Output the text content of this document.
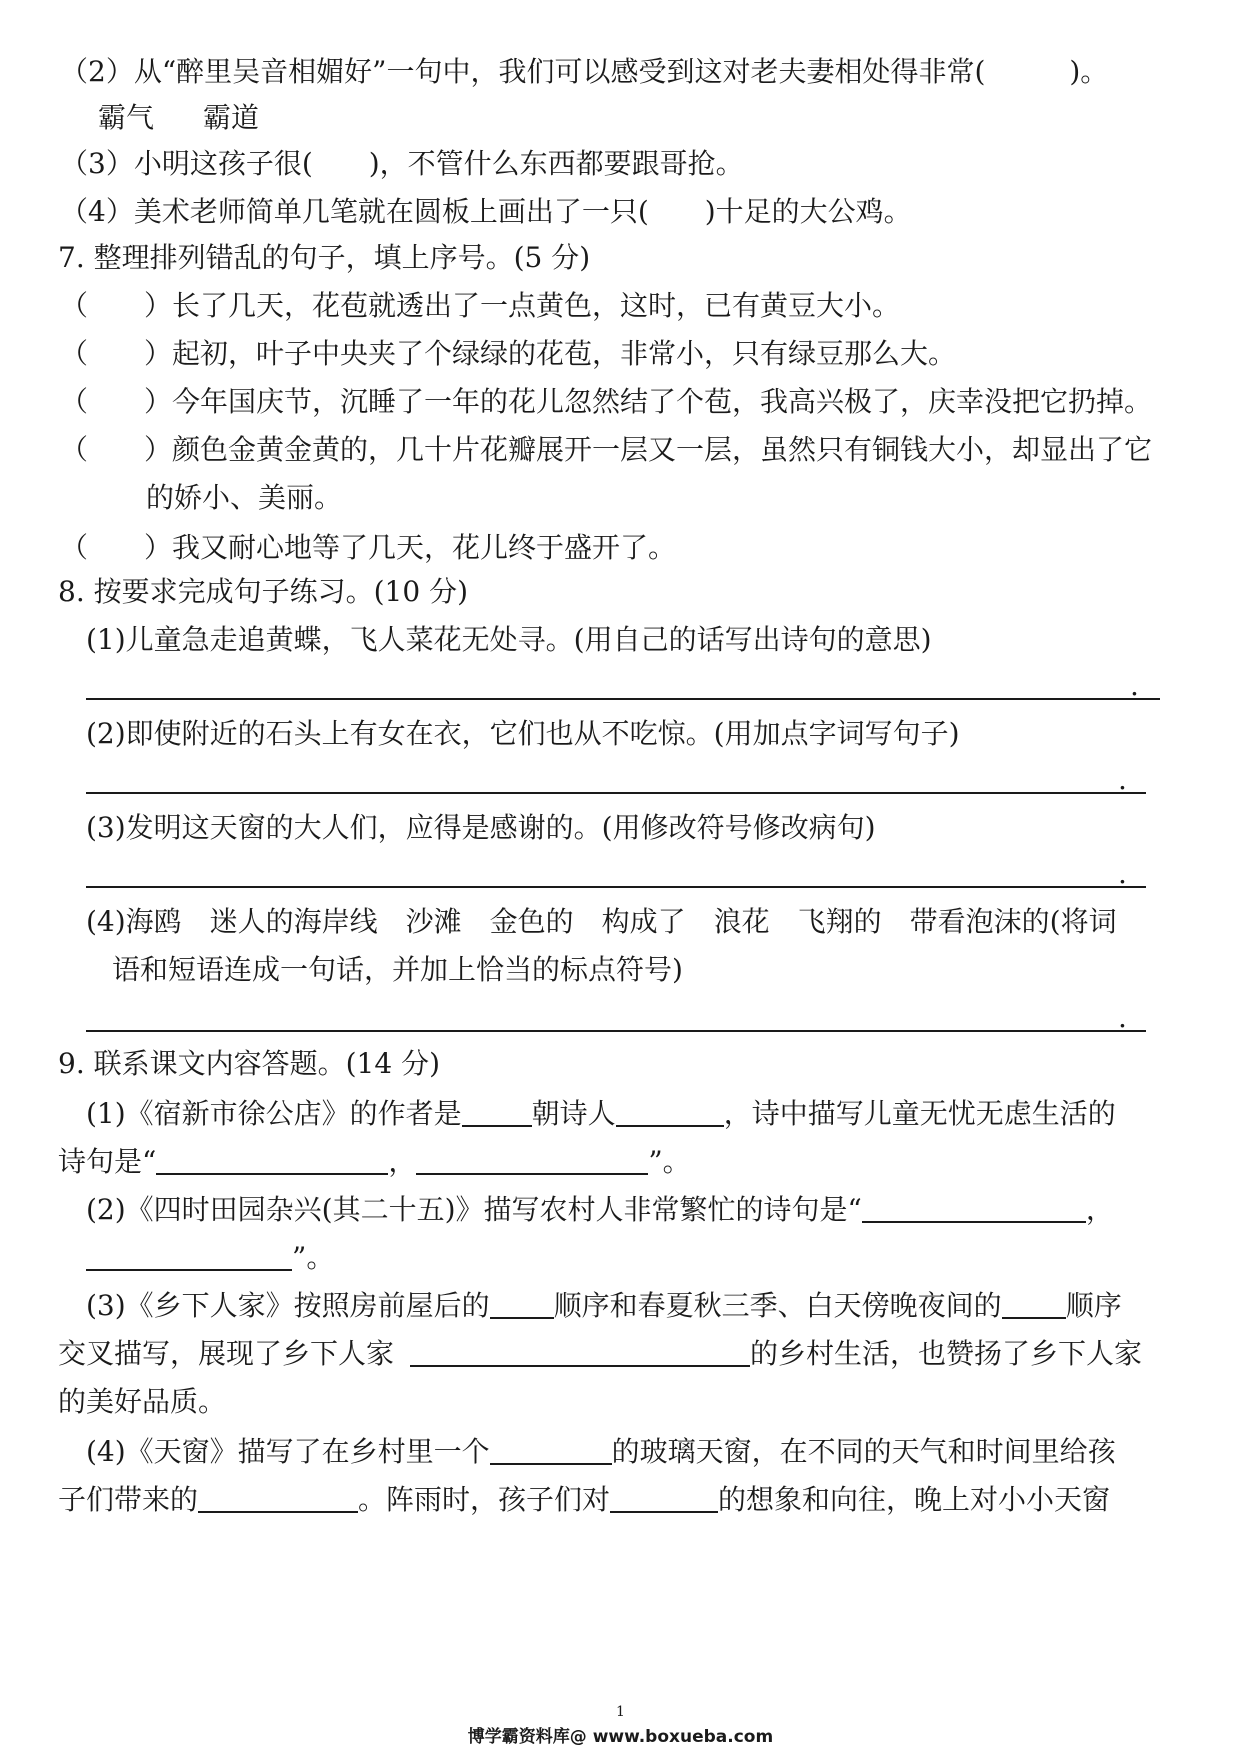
（2）从“醉里吴音相媚好”一句中，我们可以感受到这对老夫妻相处得非常(　　　)。
霸气 霸道
（3）小明这孩子很(　　)，不管什么东西都要跟哥抢。
（4）美术老师简单几笔就在圆板上画出了一只(　　)十足的大公鸡。
7. 整理排列错乱的句子，填上序号。(5 分)
（　　）长了几天，花苞就透出了一点黄色，这时，已有黄豆大小。
（　　）起初，叶子中央夹了个绿绿的花苞，非常小，只有绿豆那么大。
（　　）今年国庆节，沉睡了一年的花儿忽然结了个苞，我高兴极了，庆幸没把它扔掉。
（　　）颜色金黄金黄的，几十片花瓣展开一层又一层，虽然只有铜钱大小，却显出了它
的娇小、美丽。
（　　）我又耐心地等了几天，花儿终于盛开了。
8. 按要求完成句子练习。(10 分)
(1)儿童急走追黄蝶，飞人菜花无处寻。(用自己的话写出诗句的意思)
.
(2)即使附近的石头上有女在衣，它们也从不吃惊。(用加点字词写句子)
.
(3)发明这天窗的大人们，应得是感谢的。(用修改符号修改病句)
.
(4)海鸥　迷人的海岸线　沙滩　金色的　构成了　浪花　飞翔的　带看泡沫的(将词
语和短语连成一句话，并加上恰当的标点符号)
.
9. 联系课文内容答题。(14 分)
(1)《宿新市徐公店》的作者是	朝诗人	，诗中描写儿童无忧无虑生活的
诗句是“	，	”。
(2)《四时田园杂兴(其二十五)》描写农村人非常繁忙的诗句是“	，
”。
(3)《乡下人家》按照房前屋后的 顺序和春夏秋三季、白天傍晚夜间的 顺序
交叉描写，展现了乡下人家	的乡村生活，也赞扬了乡下人家
的美好品质。
(4)《天窗》描写了在乡村里一个	的玻璃天窗，在不同的天气和时间里给孩
子们带来的	。阵雨时，孩子们对	的想象和向往，晚上对小小天窗
1
博学霸资料库@ www.boxueba.com
